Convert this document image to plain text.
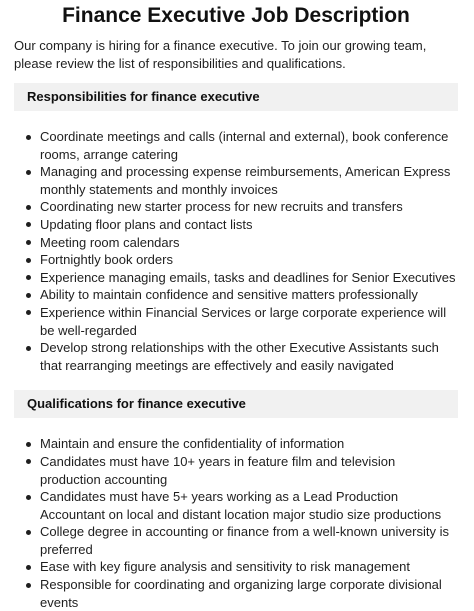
Finance Executive Job Description

Our company is hiring for a finance executive. To join our growing team, please review the list of responsibilities and qualifications.

Responsibilities for finance executive
Coordinate meetings and calls (internal and external), book conference rooms, arrange catering
Managing and processing expense reimbursements, American Express monthly statements and monthly invoices
Coordinating new starter process for new recruits and transfers
Updating floor plans and contact lists
Meeting room calendars
Fortnightly book orders
Experience managing emails, tasks and deadlines for Senior Executives
Ability to maintain confidence and sensitive matters professionally
Experience within Financial Services or large corporate experience will be well-regarded
Develop strong relationships with the other Executive Assistants such that rearranging meetings are effectively and easily navigated
Qualifications for finance executive
Maintain and ensure the confidentiality of information
Candidates must have 10+ years in feature film and television production accounting
Candidates must have 5+ years working as a Lead Production Accountant on local and distant location major studio size productions
College degree in accounting or finance from a well-known university is preferred
Ease with key figure analysis and sensitivity to risk management
Responsible for coordinating and organizing large corporate divisional events
